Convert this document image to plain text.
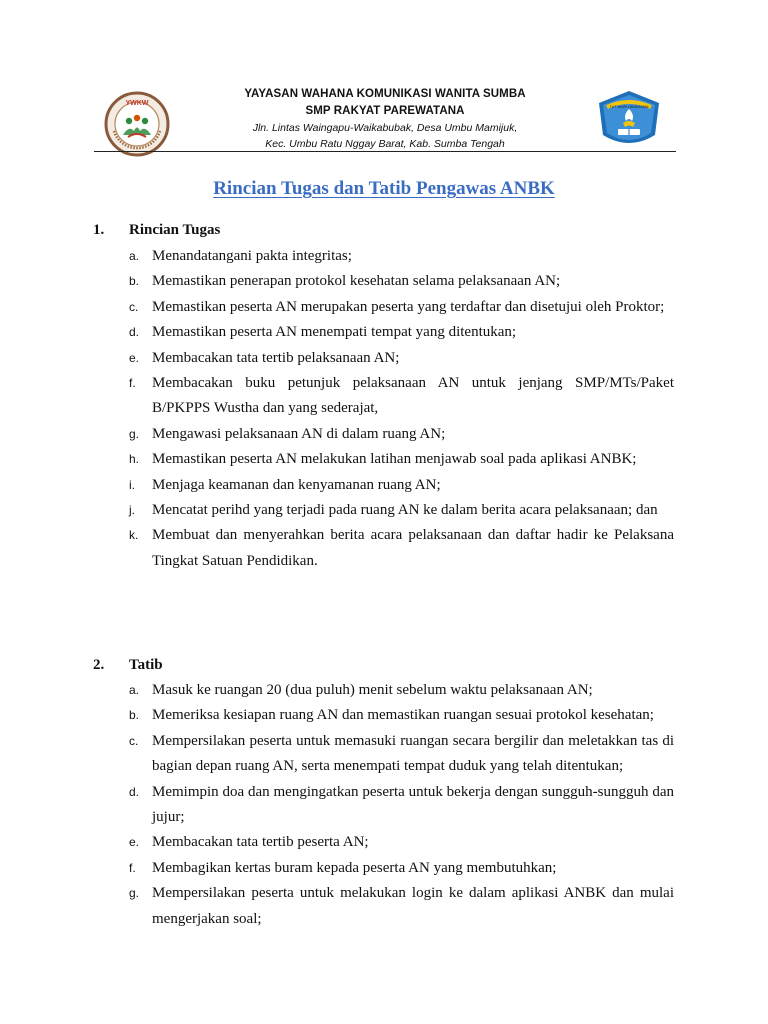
YWKW
YAYASAN WAHANA KOMUNIKASI WANITA SUMBA
SMP RAKYAT PAREWATANA
Jln. Lintas Waingapu-Waikabubak, Desa Umbu Mamijuk,
Kec. Umbu Ratu Nggay Barat, Kab. Sumba Tengah
TUT WURI HANDAYANI
Rincian Tugas dan Tatib Pengawas ANBK
1. Rincian Tugas
a. Menandatangani pakta integritas;
b. Memastikan penerapan protokol kesehatan selama pelaksanaan AN;
c. Memastikan peserta AN merupakan peserta yang terdaftar dan disetujui oleh Proktor;
d. Memastikan peserta AN menempati tempat yang ditentukan;
e. Membacakan tata tertib pelaksanaan AN;
f.	Membacakan buku petunjuk pelaksanaan AN untuk jenjang SMP/MTs/Paket B/PKPPS Wustha dan yang sederajat,
g. Mengawasi pelaksanaan AN di dalam ruang AN;
h. Memastikan peserta AN melakukan latihan menjawab soal pada aplikasi ANBK;
i.	Menjaga keamanan dan kenyamanan ruang AN;
j.	Mencatat perihd yang terjadi pada ruang AN ke dalam berita acara pelaksanaan; dan
k. Membuat dan menyerahkan berita acara pelaksanaan dan daftar hadir ke Pelaksana Tingkat Satuan Pendidikan.
2. Tatib
a. Masuk ke ruangan 20 (dua puluh) menit sebelum waktu pelaksanaan AN;
b. Memeriksa kesiapan ruang AN dan memastikan ruangan sesuai protokol kesehatan;
c. Mempersilakan peserta untuk memasuki ruangan secara bergilir dan meletakkan tas di bagian depan ruang AN, serta menempati tempat duduk yang telah ditentukan;
d. Memimpin doa dan mengingatkan peserta untuk bekerja dengan sungguh-sungguh dan jujur;
e. Membacakan tata tertib peserta AN;
f.	Membagikan kertas buram kepada peserta AN yang membutuhkan;
g. Mempersilakan peserta untuk melakukan login ke dalam aplikasi ANBK dan mulai mengerjakan soal;
